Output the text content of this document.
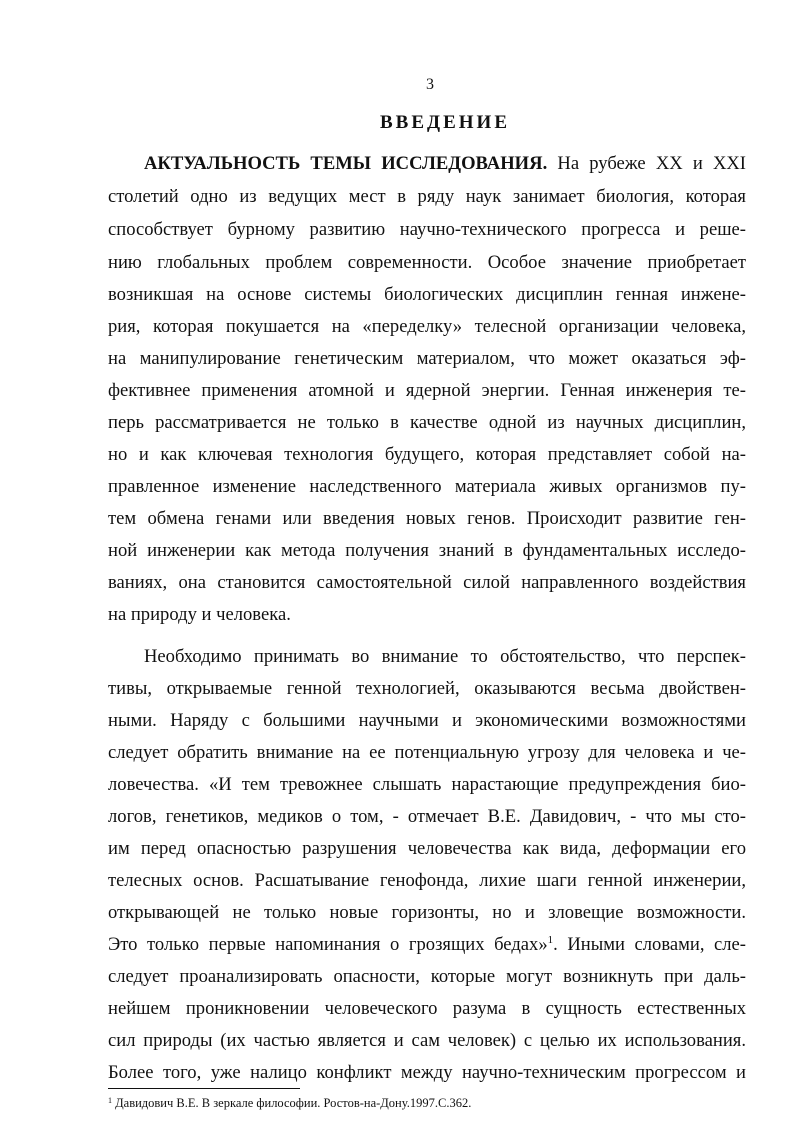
3
ВВЕДЕНИЕ

АКТУАЛЬНОСТЬ ТЕМЫ ИССЛЕДОВАНИЯ. На рубеже XX и XXI

столетий одно из ведущих мест в ряду наук занимает биология, которая

способствует бурному развитию научно-технического прогресса и реше-

нию глобальных проблем современности. Особое значение приобретает

возникшая на основе системы биологических дисциплин генная инжене-

рия, которая покушается на «переделку» телесной организации человека,

на манипулирование генетическим материалом, что может оказаться эф-

фективнее применения атомной и ядерной энергии. Генная инженерия те-

перь рассматривается не только в качестве одной из научных дисциплин,

но и как ключевая технология будущего, которая представляет собой на-

правленное изменение наследственного материала живых организмов пу-

тем обмена генами или введения новых генов. Происходит развитие ген-

ной инженерии как метода получения знаний в фундаментальных исследо-

ваниях, она становится самостоятельной силой направленного воздействия

на природу и человека.

Необходимо принимать во внимание то обстоятельство, что перспек-

тивы, открываемые генной технологией, оказываются весьма двойствен-

ными. Наряду с большими научными и экономическими возможностями

следует обратить внимание на ее потенциальную угрозу для человека и че-

ловечества. «И тем тревожнее слышать нарастающие предупреждения био-

логов, генетиков, медиков о том, - отмечает В.Е. Давидович, - что мы сто-

им перед опасностью разрушения человечества как вида, деформации его

телесных основ. Расшатывание генофонда, лихие шаги генной инженерии,

открывающей не только новые горизонты, но и зловещие возможности.

Это только первые напоминания о грозящих бедах»$^1$. Иными словами, сле-

следует проанализировать опасности, которые могут возникнуть при даль-

нейшем проникновении человеческого разума в сущность естественных

сил природы (их частью является и сам человек) с целью их использования.

Более того, уже налицо конфликт между научно-техническим прогрессом и

$^1$ Давидович В.Е. В зеркале философии. Ростов-на-Дону.1997.С.362.
